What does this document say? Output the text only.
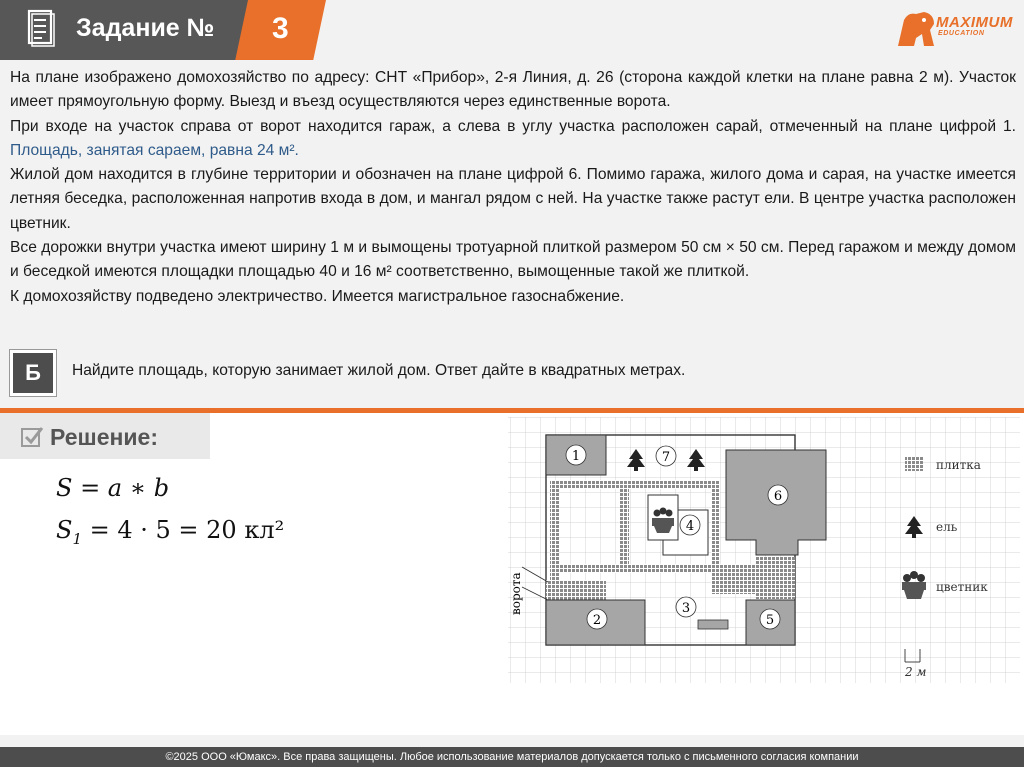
Задание № 3	MAXIMUM
EDUCATION

На плане изображено домохозяйство по адресу: СНТ «Прибор», 2-я Линия, д. 26 (сторона каждой клетки на плане равна 2 м). Участок имеет прямоугольную форму. Выезд и въезд осуществляются через единственные ворота.

При входе на участок справа от ворот находится гараж, а слева в углу участка расположен сарай, отмеченный на плане цифрой 1. Площадь, занятая сараем, равна 24 м².

Жилой дом находится в глубине территории и обозначен на плане цифрой 6. Помимо гаража, жилого дома и сарая, на участке имеется летняя беседка, расположенная напротив входа в дом, и мангал рядом с ней. На участке также растут ели. В центре участка расположен цветник.

Все дорожки внутри участка имеют ширину 1 м и вымощены тротуарной плиткой размером 50 см × 50 см. Перед гаражом и между домом и беседкой имеются площадки площадью 40 и 16 м² соответственно, вымощенные такой же плиткой.

К домохозяйству подведено электричество. Имеется магистральное газоснабжение.

Б	Найдите площадь, которую занимает жилой дом. Ответ дайте в квадратных метрах.
Решение:
S = a ∗ b
$S_1 = 4 \cdot 5 = 20$ кл²
1
2
3
4
5
6
7
ворота
плитка
ель
цветник
2 м
©2025 ООО «Юмакс». Все права защищены. Любое использование материалов допускается только с письменного согласия компании
